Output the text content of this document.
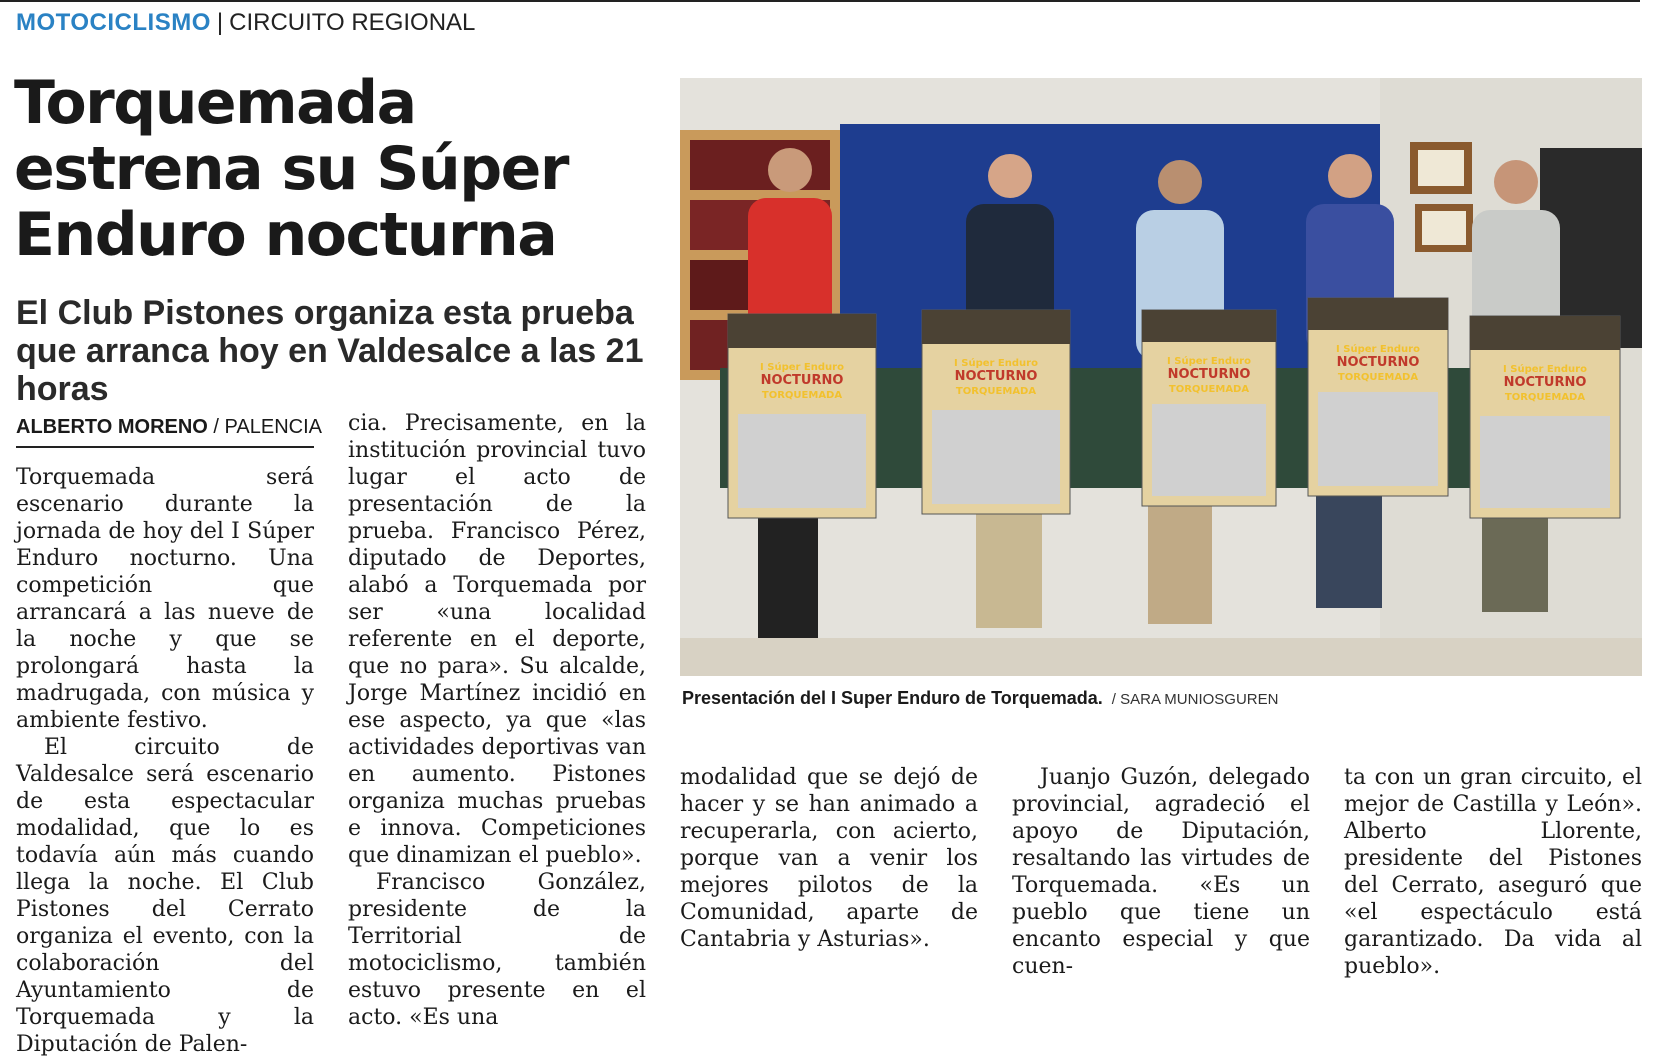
MOTOCICLISMO | CIRCUITO REGIONAL
Torquemada estrena su Súper Enduro nocturna
El Club Pistones organiza esta prueba que arranca hoy en Valdesalce a las 21 horas
ALBERTO MORENO / PALENCIA

Torquemada será escenario durante la jornada de hoy del I Súper Enduro nocturno. Una competición que arrancará a las nueve de la noche y que se prolongará hasta la madrugada, con música y ambiente festivo.

El circuito de Valdesalce será escenario de esta espectacular modalidad, que lo es todavía aún más cuando llega la noche. El Club Pistones del Cerrato organiza el evento, con la colaboración del Ayuntamiento de Torquemada y la Diputación de Palen-

cia. Precisamente, en la institución provincial tuvo lugar el acto de presentación de la prueba. Francisco Pérez, diputado de Deportes, alabó a Torquemada por ser «una localidad referente en el deporte, que no para». Su alcalde, Jorge Martínez incidió en ese aspecto, ya que «las actividades deportivas van en aumento. Pistones organiza muchas pruebas e innova. Competiciones que dinamizan el pueblo».

Francisco González, presidente de la Territorial de motociclismo, también estuvo presente en el acto. «Es una

modalidad que se dejó de hacer y se han animado a recuperarla, con acierto, porque van a venir los mejores pilotos de la Comunidad, aparte de Cantabria y Asturias».

Juanjo Guzón, delegado provincial, agradeció el apoyo de Diputación, resaltando las virtudes de Torquemada. «Es un pueblo que tiene un encanto especial y que cuen-

ta con un gran circuito, el mejor de Castilla y León». Alberto Llorente, presidente del Pistones del Cerrato, aseguró que «el espectáculo está garantizado. Da vida al pueblo».

I Súper Enduro
NOCTURNO
TORQUEMADA
I Súper Enduro
NOCTURNO
TORQUEMADA
I Súper Enduro
NOCTURNO
TORQUEMADA
I Súper Enduro
NOCTURNO
TORQUEMADA
I Súper Enduro
NOCTURNO
TORQUEMADA
Presentación del I Super Enduro de Torquemada. / SARA MUNIOSGUREN
